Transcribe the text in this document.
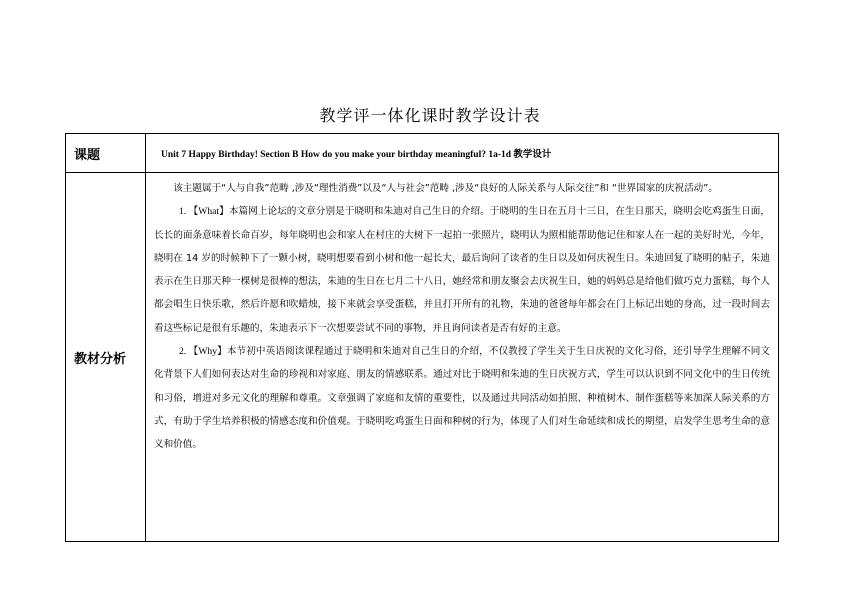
教学评一体化课时教学设计表
课题	Unit 7 Happy Birthday! Section B How do you make your birthday meaningful? 1a-1d 教学设计
教材分析	该主题属于“人与自我”范畴 ,涉及“理性消费”以及“人与社会”范畴 ,涉及“良好的人际关系与人际交往”和 “世界国家的庆祝活动”。

1. 【What】本篇网上论坛的文章分别是于晓明和朱迪对自己生日的介绍。于晓明的生日在五月十三日，在生日那天，晓明会吃鸡蛋生日面，长长的面条意味着长命百岁，每年晓明也会和家人在村庄的大树下一起拍一张照片，晓明认为照相能帮助他记住和家人在一起的美好时光，今年，晓明在 14 岁的时候种下了一颗小树，晓明想要看到小树和他一起长大，最后询问了读者的生日以及如何庆祝生日。朱迪回复了晓明的帖子，朱迪表示在生日那天种一棵树是很棒的想法，朱迪的生日在七月二十八日，她经常和朋友聚会去庆祝生日，她的妈妈总是给他们做巧克力蛋糕，每个人都会唱生日快乐歌，然后许愿和吹蜡烛，接下来就会享受蛋糕，并且打开所有的礼物，朱迪的爸爸每年都会在门上标记出她的身高，过一段时间去看这些标记是很有乐趣的，朱迪表示下一次想要尝试不同的事物，并且询问读者是否有好的主意。

2. 【Why】本节初中英语阅读课程通过于晓明和朱迪对自己生日的介绍，不仅教授了学生关于生日庆祝的文化习俗，还引导学生理解不同文化背景下人们如何表达对生命的珍视和对家庭、朋友的情感联系。通过对比于晓明和朱迪的生日庆祝方式，学生可以认识到不同文化中的生日传统和习俗，增进对多元文化的理解和尊重。文章强调了家庭和友情的重要性，以及通过共同活动如拍照、种植树木、制作蛋糕等来加深人际关系的方式，有助于学生培养积极的情感态度和价值观。于晓明吃鸡蛋生日面和种树的行为，体现了人们对生命延续和成长的期望，启发学生思考生命的意义和价值。
